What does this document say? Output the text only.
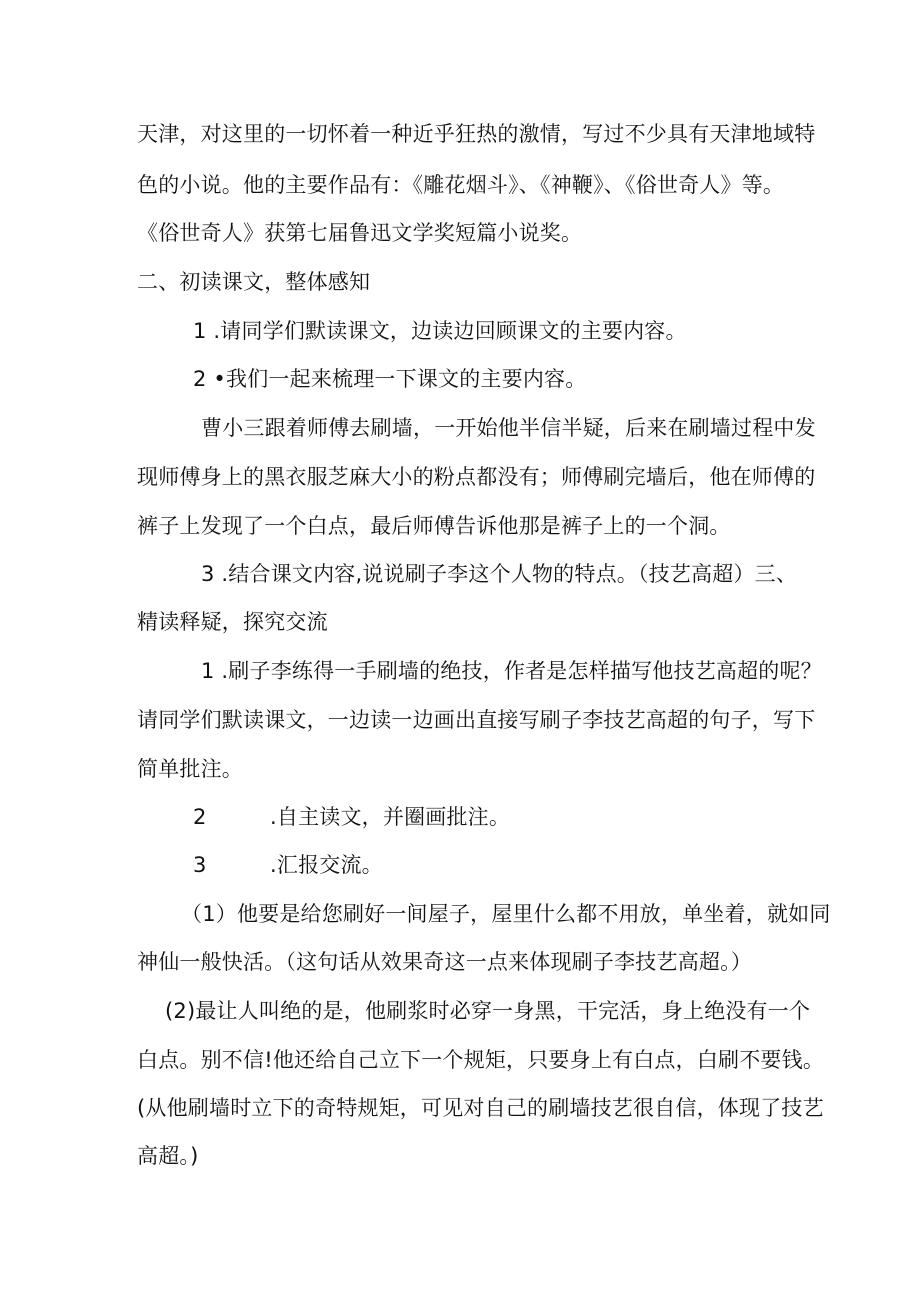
天津，对这里的一切怀着一种近乎狂热的激情，写过不少具有天津地域特
色的小说。他的主要作品有：《雕花烟斗》、《神鞭》、《俗世奇人》等。
《俗世奇人》获第七届鲁迅文学奖短篇小说奖。
二、初读课文，整体感知
1 .请同学们默读课文，边读边回顾课文的主要内容。
2 •我们一起来梳理一下课文的主要内容。
曹小三跟着师傅去刷墙，一开始他半信半疑，后来在刷墙过程中发
现师傅身上的黑衣服芝麻大小的粉点都没有；师傅刷完墙后，他在师傅的
裤子上发现了一个白点，最后师傅告诉他那是裤子上的一个洞。
3 .结合课文内容,说说刷子李这个人物的特点。（技艺高超）三、
精读释疑，探究交流
1 .刷子李练得一手刷墙的绝技，作者是怎样描写他技艺高超的呢？
请同学们默读课文，一边读一边画出直接写刷子李技艺高超的句子，写下
简单批注。
2	.自主读文，并圈画批注。
3	.汇报交流。
（1）他要是给您刷好一间屋子，屋里什么都不用放，单坐着，就如同
神仙一般快活。（这句话从效果奇这一点来体现刷子李技艺高超。）
(2)最让人叫绝的是，他刷浆时必穿一身黑，干完活，身上绝没有一个
白点。别不信!他还给自己立下一个规矩，只要身上有白点，白刷不要钱。
(从他刷墙时立下的奇特规矩，可见对自己的刷墙技艺很自信，体现了技艺
高超。)
